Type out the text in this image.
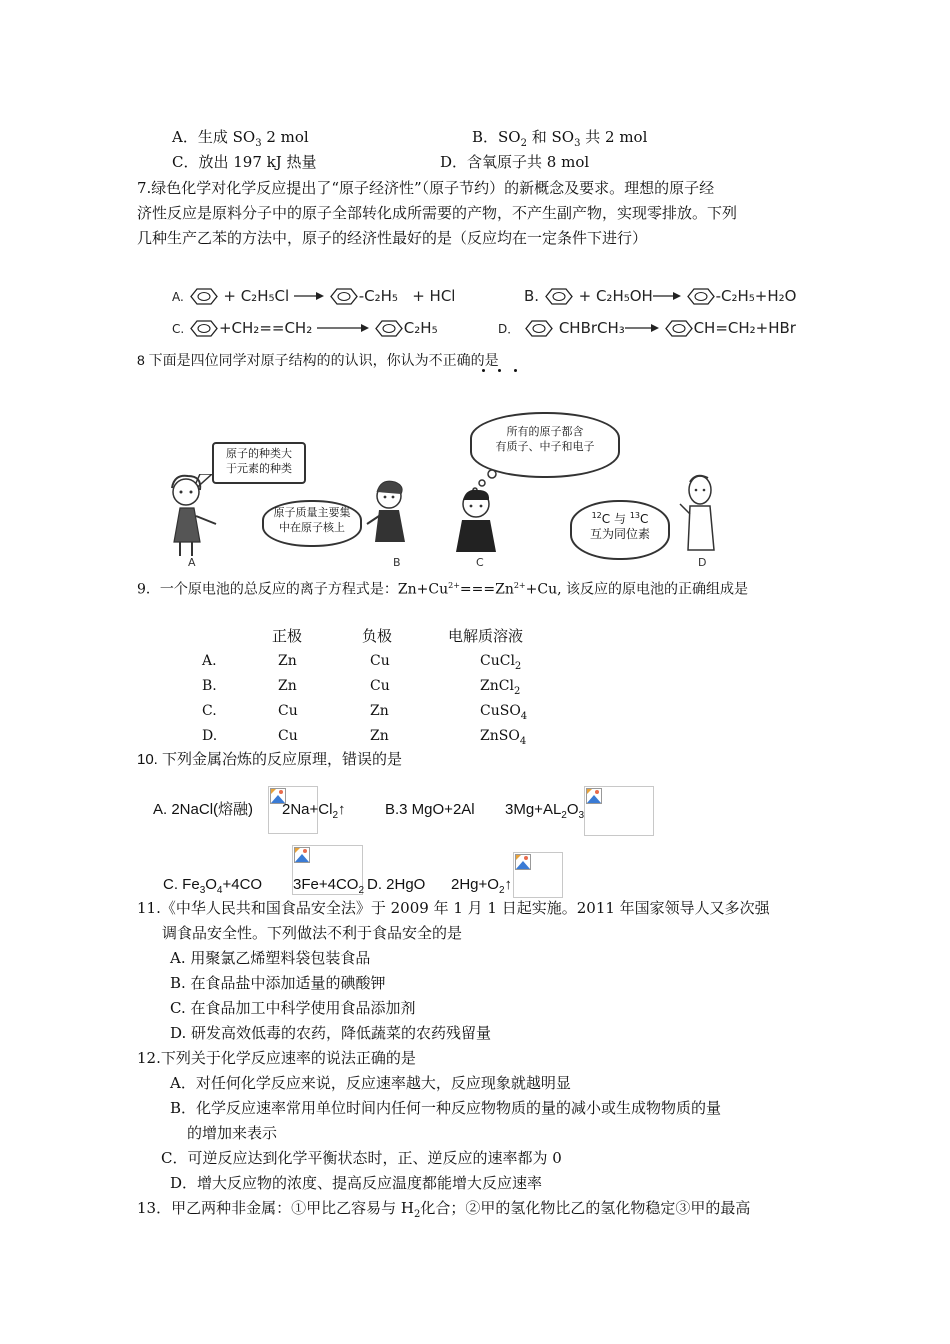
A．生成 $SO_3$ 2 mol	B．$SO_2$ 和 $SO_3$ 共 2 mol
C．放出 197 kJ 热量	D．含氧原子共 8 mol
7.绿色化学对化学反应提出了“原子经济性”（原子节约）的新概念及要求。理想的原子经
济性反应是原料分子中的原子全部转化成所需要的产物，不产生副产物，实现零排放。下列
几种生产乙苯的方法中，原子的经济性最好的是（反应均在一定条件下进行）
A.	+ C₂H₅Cl → -C₂H₅ + HCl	B.	+ C₂H₅OH→ -C₂H₅+H₂O
C. +CH₂==CH₂ → C₂H₅	D．	CHBrCH₃→ CH=CH₂+HBr
8 下面是四位同学对原子结构的的认识，你认为不正确的是
原子的种类大
于元素的种类
原子质量主要集
中在原子核上
所有的原子都含
有质子、中子和电子
$^{12}$C 与 $^{13}$C
互为同位素
A	B	C	D
9．一个原电池的总反应的离子方程式是：$Zn+Cu^{2+}===Zn^{2+}+Cu$, 该反应的原电池的正确组成是
正极	负极	电解质溶液
A.	Zn	Cu	CuCl$_2$
B.	Zn	Cu	ZnCl$_2$
C.	Cu	Zn	CuSO$_4$
D.	Cu	Zn	ZnSO$_4$
10. 下列金属冶炼的反应原理，错误的是
A. 2NaCl(熔融) $2Na+Cl_2↑$	B.3 MgO+2Al $3Mg+AL_2O_3$
C. $Fe_3O_4+4CO$ $3Fe+4CO_2$ D. 2HgO $2Hg+O_2↑$
11.《中华人民共和国食品安全法》于 2009 年 1 月 1 日起实施。2011 年国家领导人又多次强
调食品安全性。下列做法不利于食品安全的是
A. 用聚氯乙烯塑料袋包装食品
B. 在食品盐中添加适量的碘酸钾
C. 在食品加工中科学使用食品添加剂
D. 研发高效低毒的农药，降低蔬菜的农药残留量
12.下列关于化学反应速率的说法正确的是
A．对任何化学反应来说，反应速率越大，反应现象就越明显
B．化学反应速率常用单位时间内任何一种反应物物质的量的减小或生成物物质的量
的增加来表示
C．可逆反应达到化学平衡状态时，正、逆反应的速率都为 0
D．增大反应物的浓度、提高反应温度都能增大反应速率
13．甲乙两种非金属：①甲比乙容易与 $H_2$化合；②甲的氢化物比乙的氢化物稳定③甲的最高
